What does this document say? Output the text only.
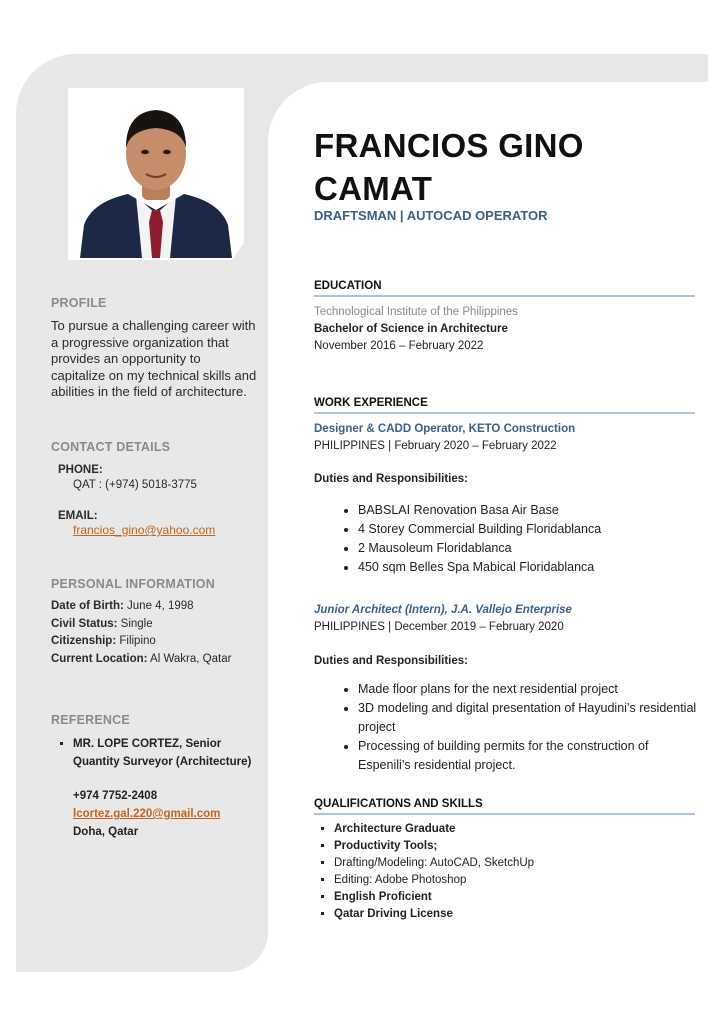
PROFILE
To pursue a challenging career with a progressive organization that provides an opportunity to capitalize on my technical skills and abilities in the field of architecture.
CONTACT DETAILS
PHONE:
QAT : (+974) 5018-3775
EMAIL:
francios_gino@yahoo.com
PERSONAL INFORMATION
Date of Birth: June 4, 1998
Civil Status: Single
Citizenship: Filipino
Current Location: Al Wakra, Qatar
REFERENCE
▪ MR. LOPE CORTEZ, Senior Quantity Surveyor (Architecture)
+974 7752-2408
lcortez.gal.220@gmail.com
Doha, Qatar
FRANCIOS GINO
CAMAT
DRAFTSMAN | AUTOCAD OPERATOR
EDUCATION
Technological Institute of the Philippines
Bachelor of Science in Architecture
November 2016 – February 2022
WORK EXPERIENCE
Designer & CADD Operator, KETO Construction
PHILIPPINES | February 2020 – February 2022
Duties and Responsibilities:
• BABSLAI Renovation Basa Air Base
• 4 Storey Commercial Building Floridablanca
• 2 Mausoleum Floridablanca
• 450 sqm Belles Spa Mabical Floridablanca
Junior Architect (Intern), J.A. Vallejo Enterprise
PHILIPPINES | December 2019 – February 2020
Duties and Responsibilities:
• Made floor plans for the next residential project
• 3D modeling and digital presentation of Hayudini’s residential project
• Processing of building permits for the construction of Espenili’s residential project.
QUALIFICATIONS AND SKILLS
▪ Architecture Graduate
▪ Productivity Tools;
▪ Drafting/Modeling: AutoCAD, SketchUp
▪ Editing: Adobe Photoshop
▪ English Proficient
▪ Qatar Driving License
